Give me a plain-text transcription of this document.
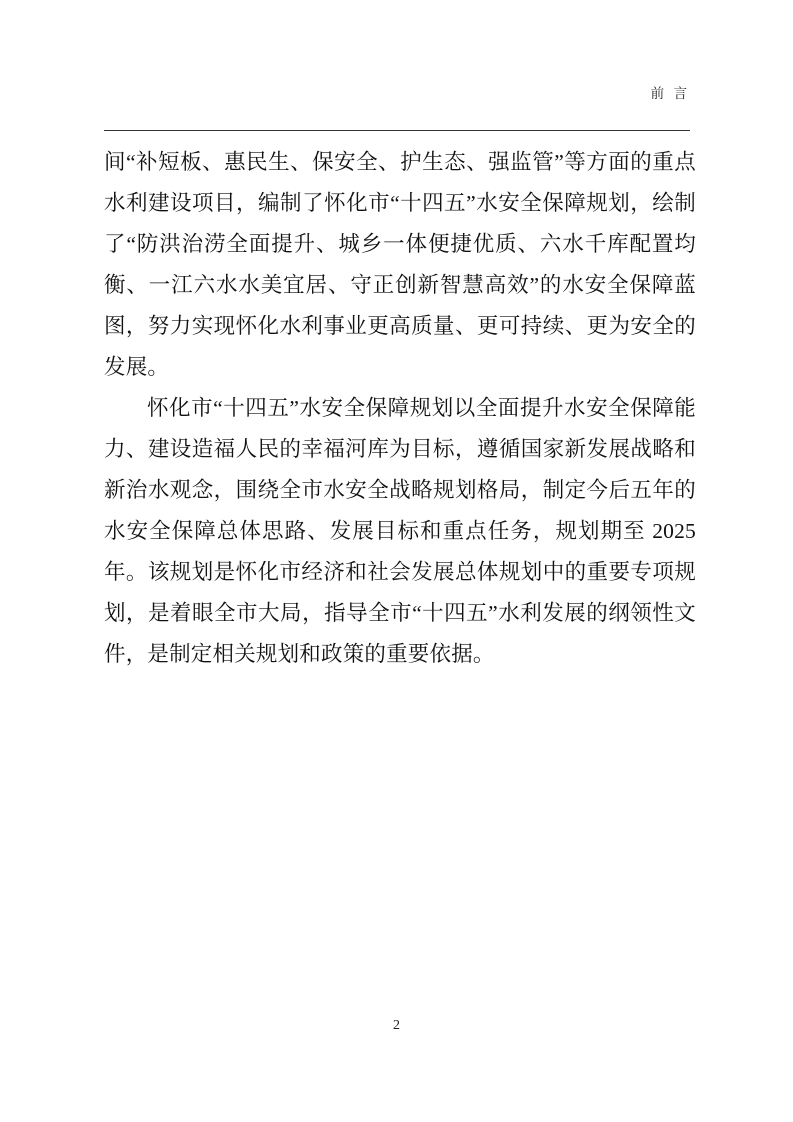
前 言

间“补短板、惠民生、保安全、护生态、强监管”等方面的重点水利建设项目，编制了怀化市“十四五”水安全保障规划，绘制了“防洪治涝全面提升、城乡一体便捷优质、六水千库配置均衡、一江六水水美宜居、守正创新智慧高效”的水安全保障蓝图，努力实现怀化水利事业更高质量、更可持续、更为安全的发展。

怀化市“十四五”水安全保障规划以全面提升水安全保障能力、建设造福人民的幸福河库为目标，遵循国家新发展战略和新治水观念，围绕全市水安全战略规划格局，制定今后五年的水安全保障总体思路、发展目标和重点任务，规划期至 2025 年。该规划是怀化市经济和社会发展总体规划中的重要专项规划，是着眼全市大局，指导全市“十四五”水利发展的纲领性文件，是制定相关规划和政策的重要依据。

2
